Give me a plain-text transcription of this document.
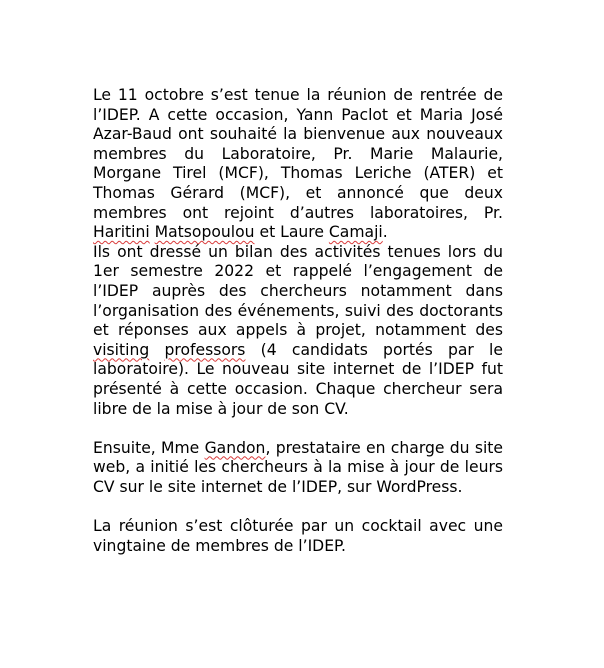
Le 11 octobre s’est tenue la réunion de rentrée de l’IDEP. A cette occasion, Yann Paclot et Maria José Azar-Baud ont souhaité la bienvenue aux nouveaux membres du Laboratoire, Pr. Marie Malaurie, Morgane Tirel (MCF), Thomas Leriche (ATER) et Thomas Gérard (MCF), et annoncé que deux membres ont rejoint d’autres laboratoires, Pr. Haritini Matsopoulou et Laure Camaji.

Ils ont dressé un bilan des activités tenues lors du 1er semestre 2022 et rappelé l’engagement de l’IDEP auprès des chercheurs notamment dans l’organisation des événements, suivi des doctorants et réponses aux appels à projet, notamment des visiting professors (4 candidats portés par le laboratoire). Le nouveau site internet de l’IDEP fut présenté à cette occasion. Chaque chercheur sera libre de la mise à jour de son CV.

Ensuite, Mme Gandon, prestataire en charge du site web, a initié les chercheurs à la mise à jour de leurs CV sur le site internet de l’IDEP, sur WordPress.

La réunion s’est clôturée par un cocktail avec une vingtaine de membres de l’IDEP.
